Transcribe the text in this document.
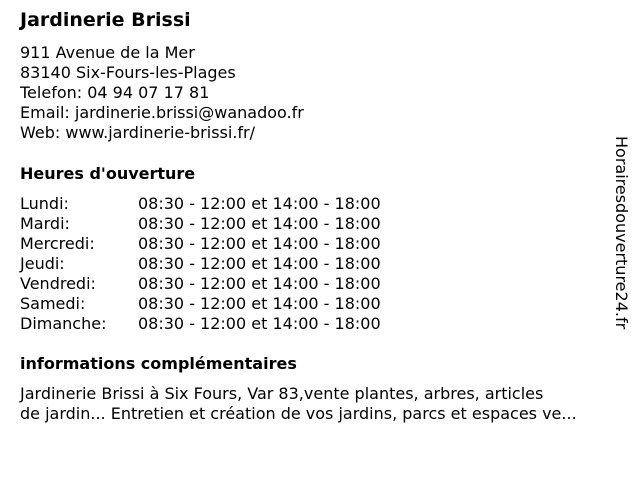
Jardinerie Brissi
911 Avenue de la Mer
83140 Six-Fours-les-Plages
Telefon: 04 94 07 17 81
Email: jardinerie.brissi@wanadoo.fr
Web: www.jardinerie-brissi.fr/
Heures d'ouverture
Lundi:	08:30 - 12:00 et 14:00 - 18:00
Mardi:	08:30 - 12:00 et 14:00 - 18:00
Mercredi:	08:30 - 12:00 et 14:00 - 18:00
Jeudi:	08:30 - 12:00 et 14:00 - 18:00
Vendredi:	08:30 - 12:00 et 14:00 - 18:00
Samedi:	08:30 - 12:00 et 14:00 - 18:00
Dimanche: 08:30 - 12:00 et 14:00 - 18:00
informations complémentaires
Jardinerie Brissi à Six Fours, Var 83,vente plantes, arbres, articles
de jardin... Entretien et création de vos jardins, parcs et espaces ve...
Horairesdouverture24.fr
